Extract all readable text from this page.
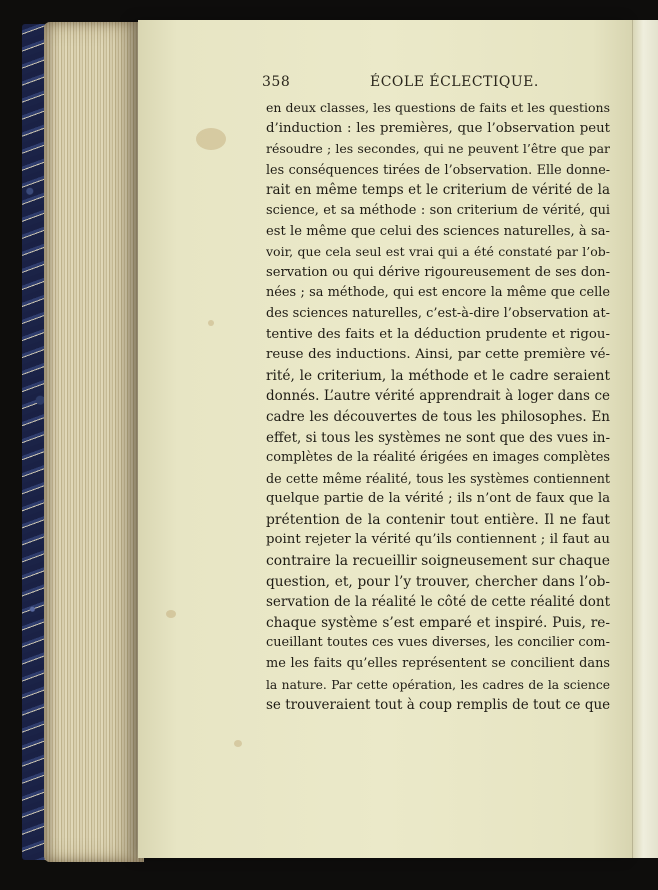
358	ÉCOLE ÉCLECTIQUE.
en deux classes, les questions de faits et les questions
d’induction : les premières, que l’observation peut
résoudre ; les secondes, qui ne peuvent l’être que par
les conséquences tirées de l’observation. Elle donne-
rait en même temps et le criterium de vérité de la
science, et sa méthode : son criterium de vérité, qui
est le même que celui des sciences naturelles, à sa-
voir, que cela seul est vrai qui a été constaté par l’ob-
servation ou qui dérive rigoureusement de ses don-
nées ; sa méthode, qui est encore la même que celle
des sciences naturelles, c’est-à-dire l’observation at-
tentive des faits et la déduction prudente et rigou-
reuse des inductions. Ainsi, par cette première vé-
rité, le criterium, la méthode et le cadre seraient
donnés. L’autre vérité apprendrait à loger dans ce
cadre les découvertes de tous les philosophes. En
effet, si tous les systèmes ne sont que des vues in-
complètes de la réalité érigées en images complètes
de cette même réalité, tous les systèmes contiennent
quelque partie de la vérité ; ils n’ont de faux que la
prétention de la contenir tout entière. Il ne faut
point rejeter la vérité qu’ils contiennent ; il faut au
contraire la recueillir soigneusement sur chaque
question, et, pour l’y trouver, chercher dans l’ob-
servation de la réalité le côté de cette réalité dont
chaque système s’est emparé et inspiré. Puis, re-
cueillant toutes ces vues diverses, les concilier com-
me les faits qu’elles représentent se concilient dans
la nature. Par cette opération, les cadres de la science
se trouveraient tout à coup remplis de tout ce que
